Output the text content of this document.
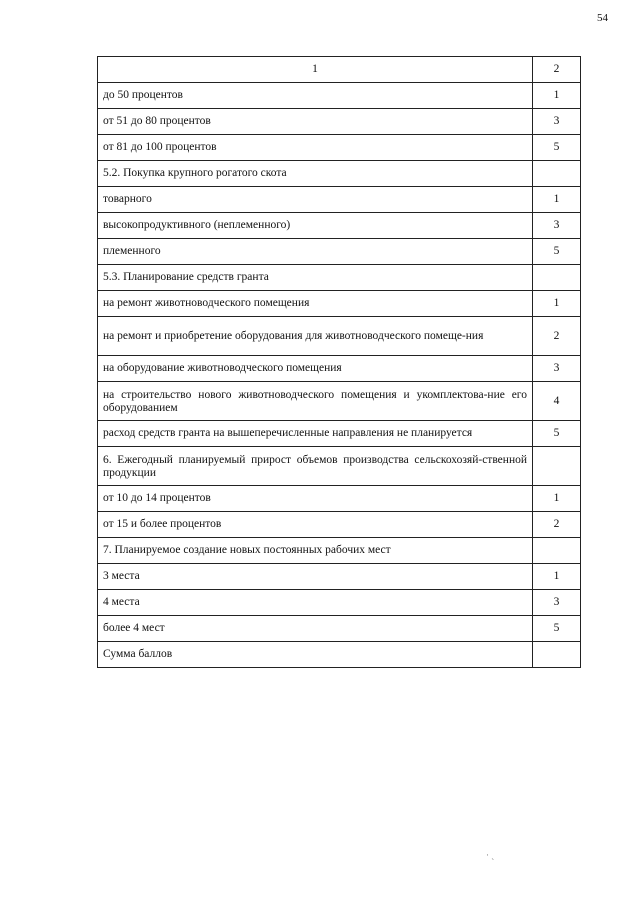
54
1	2
до 50 процентов	1
от 51 до 80 процентов	3
от 81 до 100 процентов	5
5.2. Покупка крупного рогатого скота	
товарного	1
высокопродуктивного (неплеменного)	3
племенного	5
5.3. Планирование средств гранта	
на ремонт животноводческого помещения	1
на ремонт и приобретение оборудования для животноводческого помеще-ния	2
на оборудование животноводческого помещения	3
на строительство нового животноводческого помещения и укомплектова-ние его оборудованием	4
расход средств гранта на вышеперечисленные направления не планируется	5
6. Ежегодный планируемый прирост объемов производства сельскохозяй-ственной продукции	
от 10 до 14 процентов	1
от 15 и более процентов	2
7. Планируемое создание новых постоянных рабочих мест	
3 места	1
4 места	3
более 4 мест	5
Сумма баллов	
· ˎ
